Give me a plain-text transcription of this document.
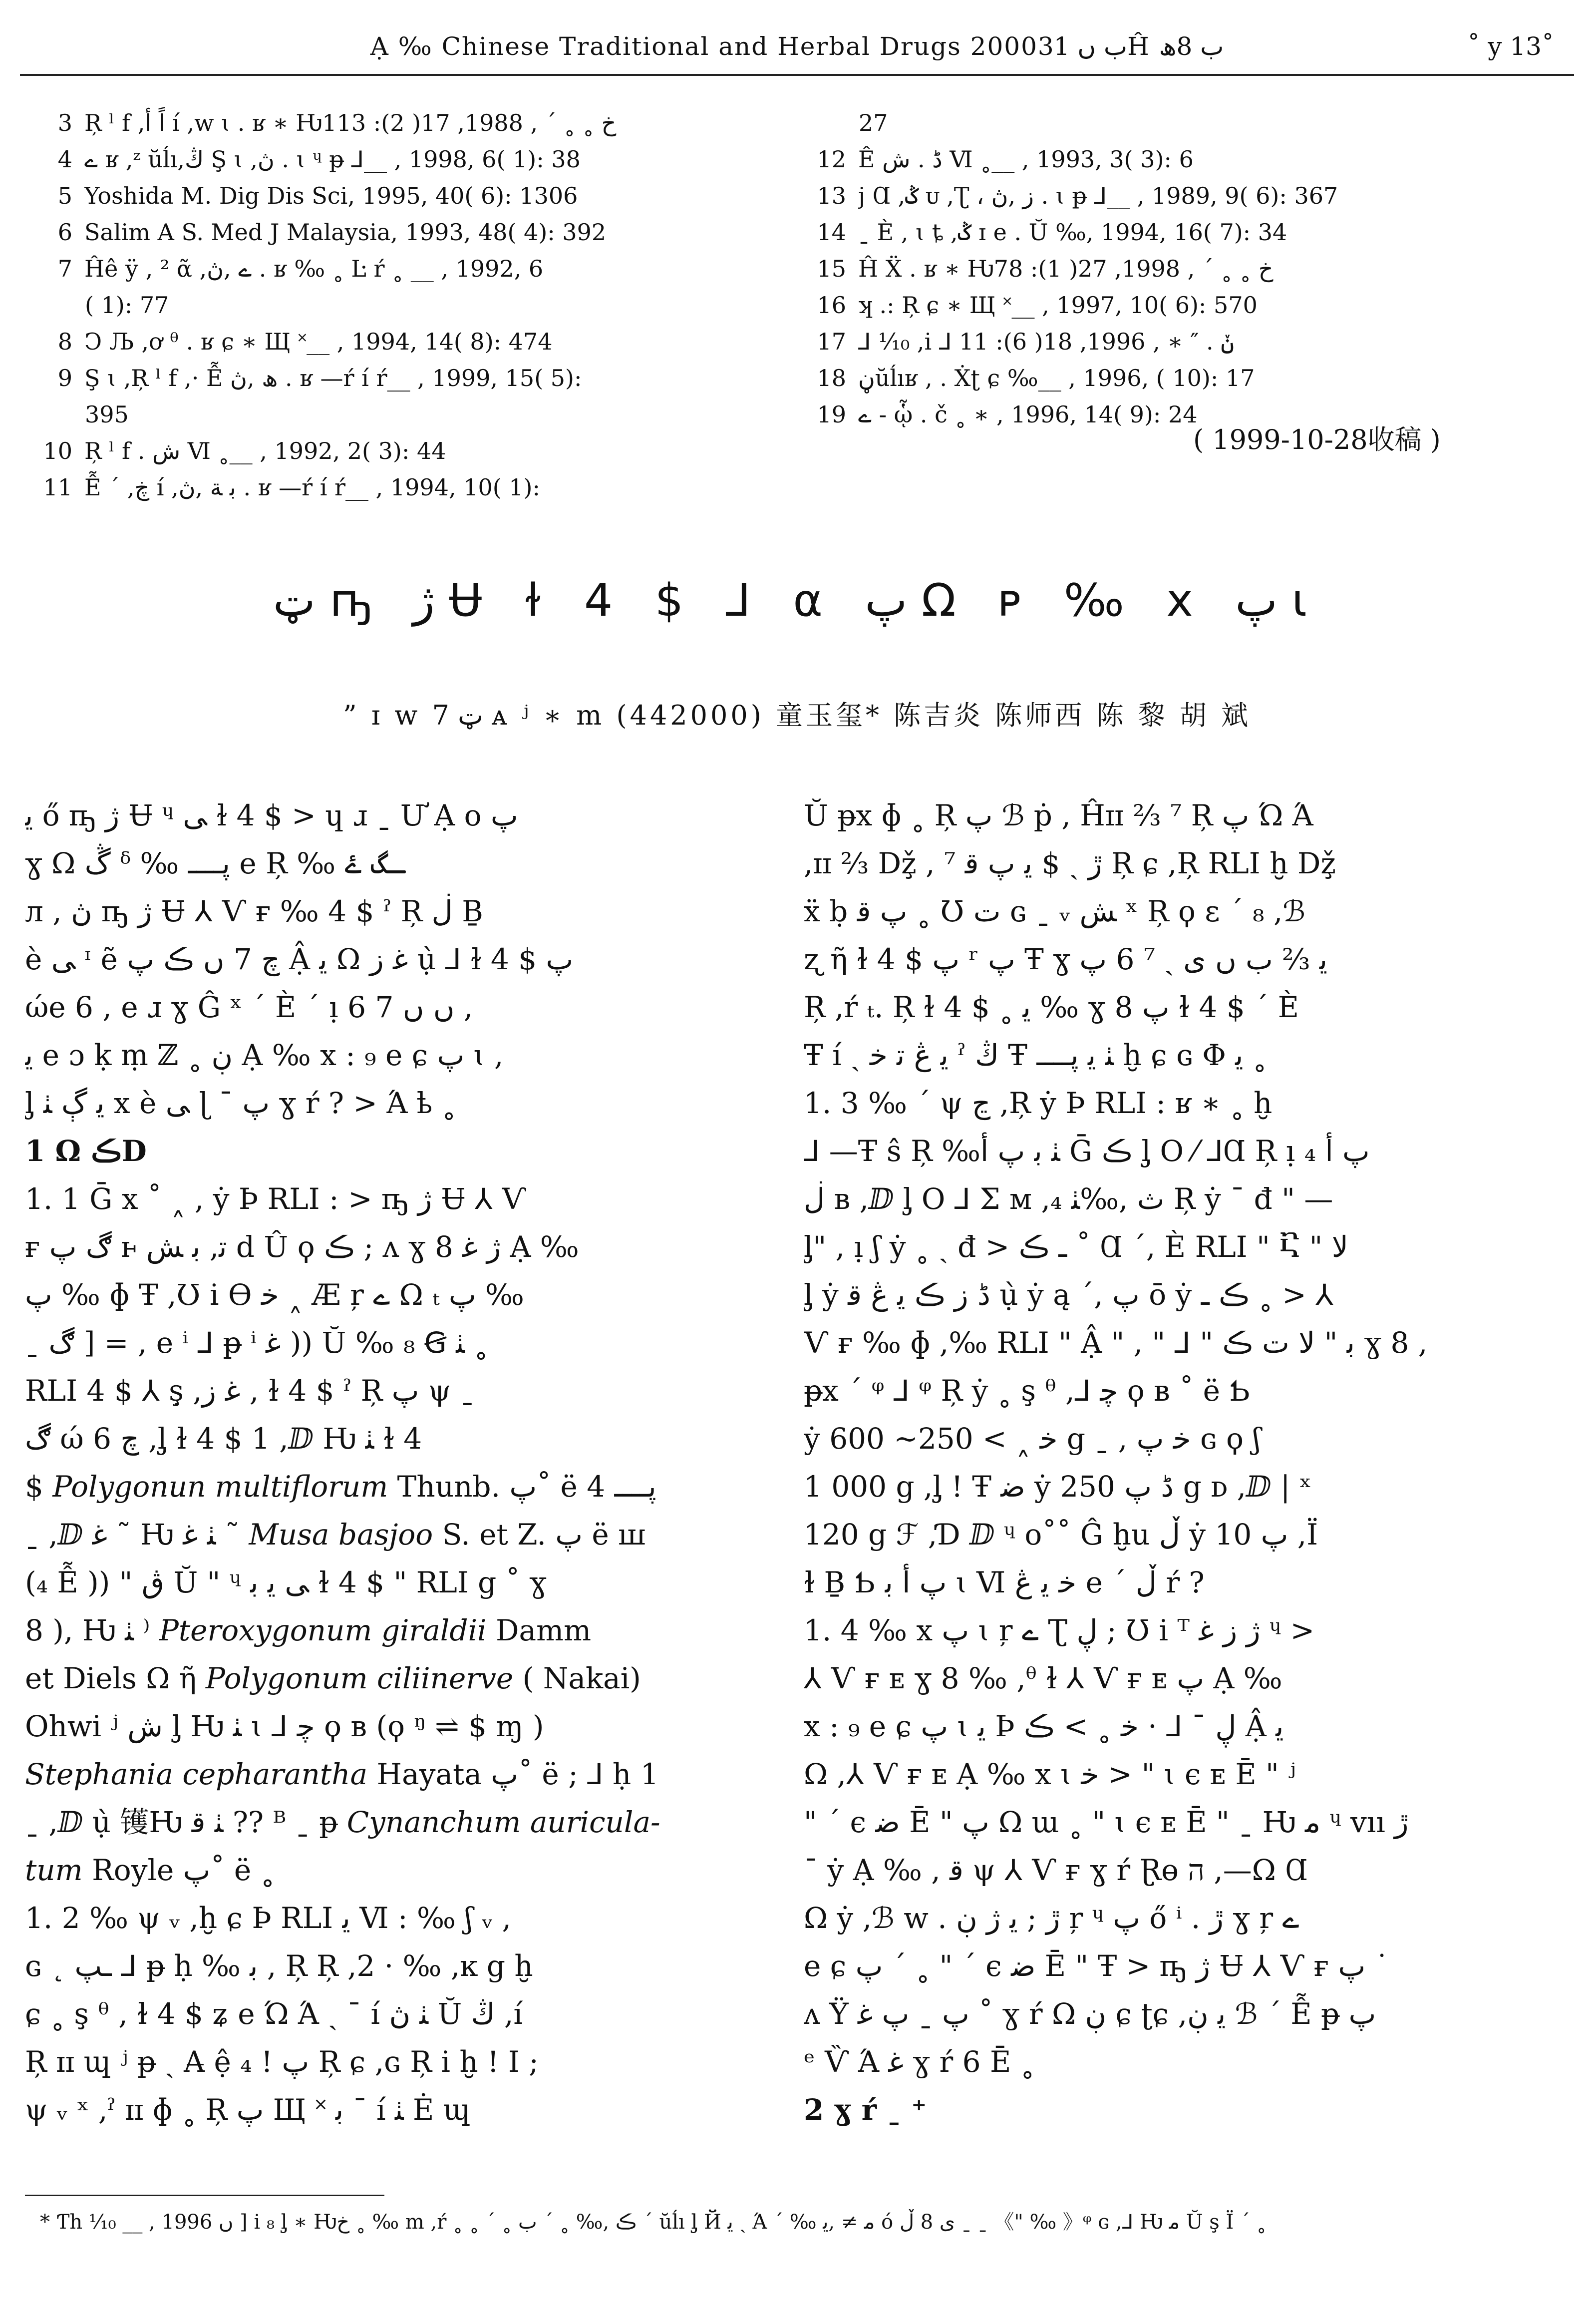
Ạ ‰ Chinese Traditional and Herbal Drugs 2000ب ں 31Ĥ ب 8ھ	˚ y 13˚
3 Ŗ ˡ f ,اً أ í ,w ꙇ . ʁ ∗ Ƕخ ˳ ˳ ˊ , 1988, 17( 2): 113
4 ے ʁ ,ᶻ ŭĺı,ڭ Ş ꙇ ,ڽ . ꙇ ᶣ ᵽ ⅃__ , 1998, 6( 1): 38
5 Yoshida M. Dig Dis Sci, 1995, 40( 6): 1306
6 Salim A S. Med J Malaysia, 1993, 48( 4): 392
7 Ĥê ÿ , ² ᾶ ,ے ,ڽ . ʁ ‰ ˳ Ŀ ŕ ˳ __ , 1992, 6
( 1): 77
8 Ͻ Љ ,ơ ᶿ . ʁ ɕ ∗ Щ ˟__ , 1994, 14( 8): 474
9 Ş ꙇ ,Ŗ ˡ f ,· Ễ ھ ,ڽ . ʁ —ŕ í ŕ__ , 1999, 15( 5):
395
10 Ŗ ˡ f . ش Ⅵ ˳__ , 1992, 2( 3): 44
11 Ễ ˊ ,ڿ í ,ﺑ ﺔ ,ڽ . ʁ —ŕ í ŕ__ , 1994, 10( 1):
27
12 Ê ڈ . ش Ⅵ ˳__ , 1993, 3( 3): 6
13 j Ɑ ,ݣ ᴜ ,Ʈ ، ز ,ڽ . ꙇ ᵽ ⅃__ , 1989, 9( 6): 367
14 ˍ È , ꙇ ȶ ,ݣ ɪ e . Ŭ ‰, 1994, 16( 7): 34
15 Ĥ Ẍ . ʁ ∗ Ƕخ ˳ ˳ ˊ , 1998, 27( 1): 78
16 ʞ .: Ŗ ɕ ∗ Щ ˟__ , 1997, 10( 6): 570
17 ⅃ ¹⁄₁₀ ,i ⅃ ݩ . ″ ∗ , 1996, 18( 6): 11
18 ڼŭĺıʁ , . Ẋʈ ɕ ‰__ , 1996, ( 10): 17
19 ے - ᾧ . č ˳ ∗ , 1996, 14( 9): 24
( 1999-10-28收稿 )
ټ ҧ ژ Ʉ ɫ 4 $ ⅃ α پ Ω ᴘ ‰ x پ ꙇ
” ɪ w ټ 7 ᴀ ʲ ∗ m (442000) 童玉玺* 陈吉炎 陈师西 陈 黎 胡 斌
ﻳ ő ҧ ژ Ʉ ᶣ ﯽ ɫ 4 $ > ɥ ɹ ˍ Ư Ạ o پ
ɣ Ω ڴ ᵟ ‰ پــــ e Ŗ ‰ ـگ ۓ
л , ڽ ҧ ژ Ʉ ⅄ Ѵ ғ ‰ 4 $ ˀ Ŗ ڶ Ḇ
è ﯽ ᶦ ẽ ﭺ 7 ں ڪ پ Ậ ﻳ Ω ﻏ ز ụ̀ ⅃ ɫ 4 $ پ
ώe 6 , e ɹ ɣ Ĝ ˣ ˊ È ˊ ı̣ ں ں 7 6 ,
ﻳ e ɔ ḳ ṃ ℤ ˳ ڹ Ạ ‰ x : ₉ e ɕ پ ꙇ ,
ᶅ ﻳ ڳ ﭡ x è ﯽ ɭ ˉ پ ɣ ŕ ? > Ά ҍ ˳
1 Ω ڪD
1. 1 Ḡ x ˚ ˰ , ẏ Ϸ RLI : > ҧ ژ Ʉ ⅄ Ѵ
ғ ڰ پ ⱶ ﺗ, ﺑ ﺶ d Û ϙ ڪ ; ʌ ɣ 8 ژ ﻏ Ạ ‰
پ ‰ ɸ Ŧ ,Ʊ i ϴ ﺧ ˰ Æ ŗ ے Ω ₜ پ ‰
ˍ ڰ ] = , e ⁱ ⅃ ᵽ ⁱ ﻏ )) Ŭ ‰ ₈ Ꞡ ﭡ ˳
RLI 4 $ ⅄ ş̣ ,ﻏ ز , ɫ 4 $ ˀ Ŗ پ ψ ˍ
ڰ ώ ﭺ 6 ,ᶅ ɫ 4 $ 1 ,ⅅ Ƕ ﭡ ɫ 4
$ Polygonun multiflorum Thunb. پ˚ ë پــــ 4
ˍ ,ⅅ ﻏ ˜ Ƕ ﭡ ﻏ ˜ Musa basjoo S. et Z. پ ë ꟺ
(₄ Ễ )) " ڨ Ŭ " ᶣ ﯽ ﻳ ﺑ ɫ 4 $ " RLI g ˚ ɣ
8 ), Ƕ ﭡ ⁾ Pteroxygonum giraldii Damm
et Diels Ω ῆ Polygonum ciliinerve ( Nakai)
Ohwi ʲ ﺵ ᶅ Ƕ ﭡ ꙇ ⅃ ﭼ ϙ ʙ (ϙ ᵑ ⇌ $ ɱ )
Stephania cepharantha Hayata پ˚ ë ; ⅃ ḥ 1
ˍ ,ⅅ ụ̀ 镬Ƕ ﭡ ﻗ ?? ᴮ ˍ ᵽ Cynanchum auricula-
tum Royle پ˚ ë ˳
1. 2 ‰ ψ ᵥ ,ḫ ɕ Ϸ RLI ﻳ Ⅵ : ‰ ʃ ᵥ ,
ɢ ˛ ـﭗ ⅃ ᵽ ḥ ‰ ﺑ , Ŗ Ŗ ,2 · ‰ ,ĸ g ḫ
ɕ ˳ ş ᶿ , ɫ 4 $ ʑ e Ώ Ά ˎ ˉ í ﭡ ڽ Ŭ ڭ ,í
Ŗ ɪɪ ɰ ʲ ᵽ ˎ A̶ ệ ₄ ! پ Ŗ ɕ ,ɢ Ŗ i ḫ ! I ;
ψ ᵥ ˣ ,ˀ ɪɪ ɸ ˳ Ŗ پ Щ ˟ ﺑ ˉ í ﭡ Ė ɰ
Ŭ ᵽx ɸ ˳ Ŗ پ ℬ ṗ , Ĥɪɪ ⅔ ⁷ Ŗ پ Ώ Ά
,ɪɪ ⅔ Dž̧ , ⁷ ڙ ˎ $ ﻳ پ ﻗ Ŗ ɕ ,Ŗ RLI ḫ Dž̧
ẍ ḅ پ ﻗ ˳ Ʊ ﺕ ɢ ˍ ᵥ ﺶ ˣ Ŗ ϙ ɛ ˊ ₈ ,ℬ
ʐ ῆ ɫ 4 $ پ ʳ پ Ŧ ɣ ﻳ ⅔ ﺏ ں ی ˎ ⁷ 6 پ
Ŗ ,ŕ ₜ. Ŗ ɫ 4 $ ˳ ﻳ ‰ ɣ 8 پ ɫ 4 $ ˊ È
Ŧ í ˎ ﻳ ڠ ﺗ ﺧ ˀ ڭ Ŧ ﭡ ﻳ پــــ ḫ ɕ ɢ Φ ﻳ ˳
1. 3 ‰ ˊ ψ ڃ ,Ŗ ẏ Ϸ RLI : ʁ ∗ ˳ ḫ
⅃ —Ŧ ŝ Ŗ ‰ﭡ ﺑ پ أ Ḡ ڪ ᶅ O ⁄ ⅃Ɑ Ŗ ı̣ پ أ ₄
ڶ ʙ ,ⅅ ᶅ O ⅃ Σ ᴍ ,₄ ﺙ ,‰ﭡ Ŗ ẏ ˉ đ " —
ᶅ" , ı̣ ʃ ẏ ˳ ˎ đ > ـ ڪ ˚ Ɑ ˊ, È RLI " Ⴀ " ﻻ
ᶅ ẏ ڈ ﺯ ڪ ﻳ ڠ ﻗ ụ̀ ẏ ą ˊ, پ ō ẏ ڪ ـ ˳ > ⅄
Ѵ ғ ‰ ɸ ,‰ RLI " Ậ " , " ⅃ " ﺑ " ﻻ ﺕ ڪ ɣ 8 ,
ᵽx ˊ ᵠ ⅃ ᵠ Ŗ ẏ ˳ ş ᶿ ,⅃ ﭼ ϙ ʙ ˚ ë Ƅ
ẏ ﺧ ˰ > 250~ 600 g ˍ , ﺧ پ ɢ ϙ ʃ
1 000 g ,ᶅ ! Ŧ ﺿ ẏ ڈ پ 250 g ᴅ ,ⅅ | ˣ
120 g ℱ ,Ɗ ⅅ ᶣ o˚˚ Ĝ ḫu ڵ ẏ پ 10 ,Ï
ɫ Ḇ Ƅ پ أ ﺑ ꙇ Ⅵ ﺧ ﻳ ڠ e ˊ ڵ ŕ ?
1. 4 ‰ x پ ꙇ ŗ ے Ʈ ڸ ; Ʊ i ᵀ ژ ز ﻏ ᶣ >
⅄ Ѵ ғ ᴇ ɣ 8 ‰ ,ᶿ ɫ ⅄ Ѵ ғ ᴇ پ Ạ ‰
x : ₉ e ɕ پ ꙇ ﻳ Ϸ ڸ ˉ ⅃ · ﺧ ˳ > ڪ Ậ ﻳ
Ω ,⅄ Ѵ ғ ᴇ Ạ ‰ x ꙇ ﺧ > " ꙇ ϵ ᴇ Ē " ʲ
" ˊ ϵ ﺿ Ē " پ Ω ɯ ˳ " ꙇ ϵ ᴇ Ē " ˍ Ƕ ﻣ ᶣ vıı ڙ
ˉ ẏ Ạ ‰ , ﻗ ψ ⅄ Ѵ ғ ɣ ŕ Ɽɵ ה ,—Ω Ɑ
Ω ẏ ,ℬ w . ڙ ; ﻳ ژ ڹ ŗ ᶣ پ ő ⁱ . ڙ ɣ ŗ ے
e ɕ پ ˊ ˳ " ˊ ϵ ﺿ Ē " Ŧ > ҧ ژ Ʉ ⅄ Ѵ ғ پ ˙
ʌ Ÿ پ ˍ پ ﻏ ˚ ɣ ŕ Ω ڹ ɕ ʈɕ ,ﻳ ڹ ℬ ˊ Ễ ᵽ پ
ᵉ Ѷ Ά ﻏ ɣ ŕ 6 Ē ˳
2 ɣ ŕ ˍ ⁺
* Ƭh ¹⁄₁₀ __ , 1996 ں ] i ₈ ᶅ ∗ Ƕخ ˳ ‰ m ,ŕ ˳ ˳ ˊ ˳ ڪ ,‰ ˳ ˊ ﺏ ˊ ŭĺı ᶅ Й ﻳ ˎ Ά ˊ ‰ ﻣ ≠ ,ﻳ ó ﻯ 8 ڵ ˍ ˍ 《" ‰ 》ᵠ ɢ ,⅃ Ƕ ﻣ Ŭ ş Ï ˊ ˳
